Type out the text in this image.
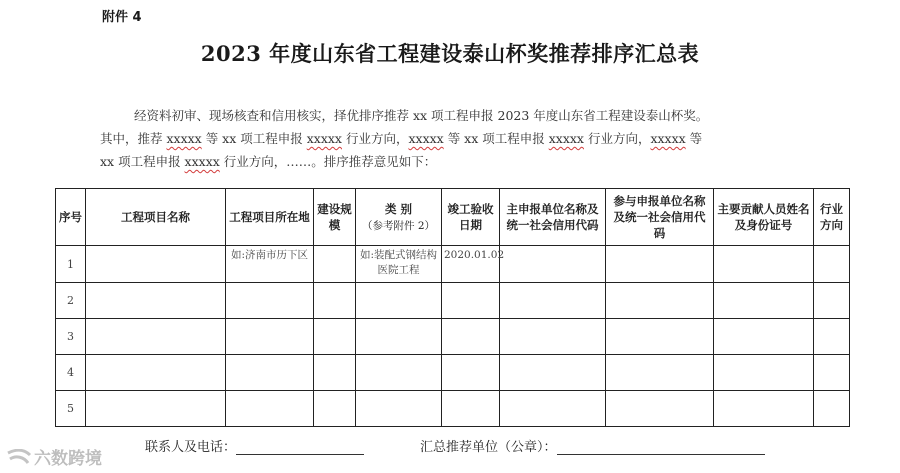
附件 4
2023 年度山东省工程建设泰山杯奖推荐排序汇总表

经资料初审、现场核查和信用核实，择优排序推荐 xx 项工程申报 2023 年度山东省工程建设泰山杯奖。

其中，推荐 xxxxx 等 xx 项工程申报 xxxxx 行业方向，xxxxx 等 xx 项工程申报 xxxxx 行业方向，xxxxx 等

xx 项工程申报 xxxxx 行业方向，……。排序推荐意见如下：

序号	工程项目名称	工程项目所在地	建设规模	类 别
（参考附件 2）	竣工验收日期	主申报单位名称及统一社会信用代码	参与申报单位名称及统一社会信用代码	主要贡献人员姓名及身份证号	行业方向
1		如:济南市历下区		如:装配式钢结构医院工程	2020.01.02				
2									
3									
4									
5									
联系人及电话：	汇总推荐单位（公章）：
六数跨境
